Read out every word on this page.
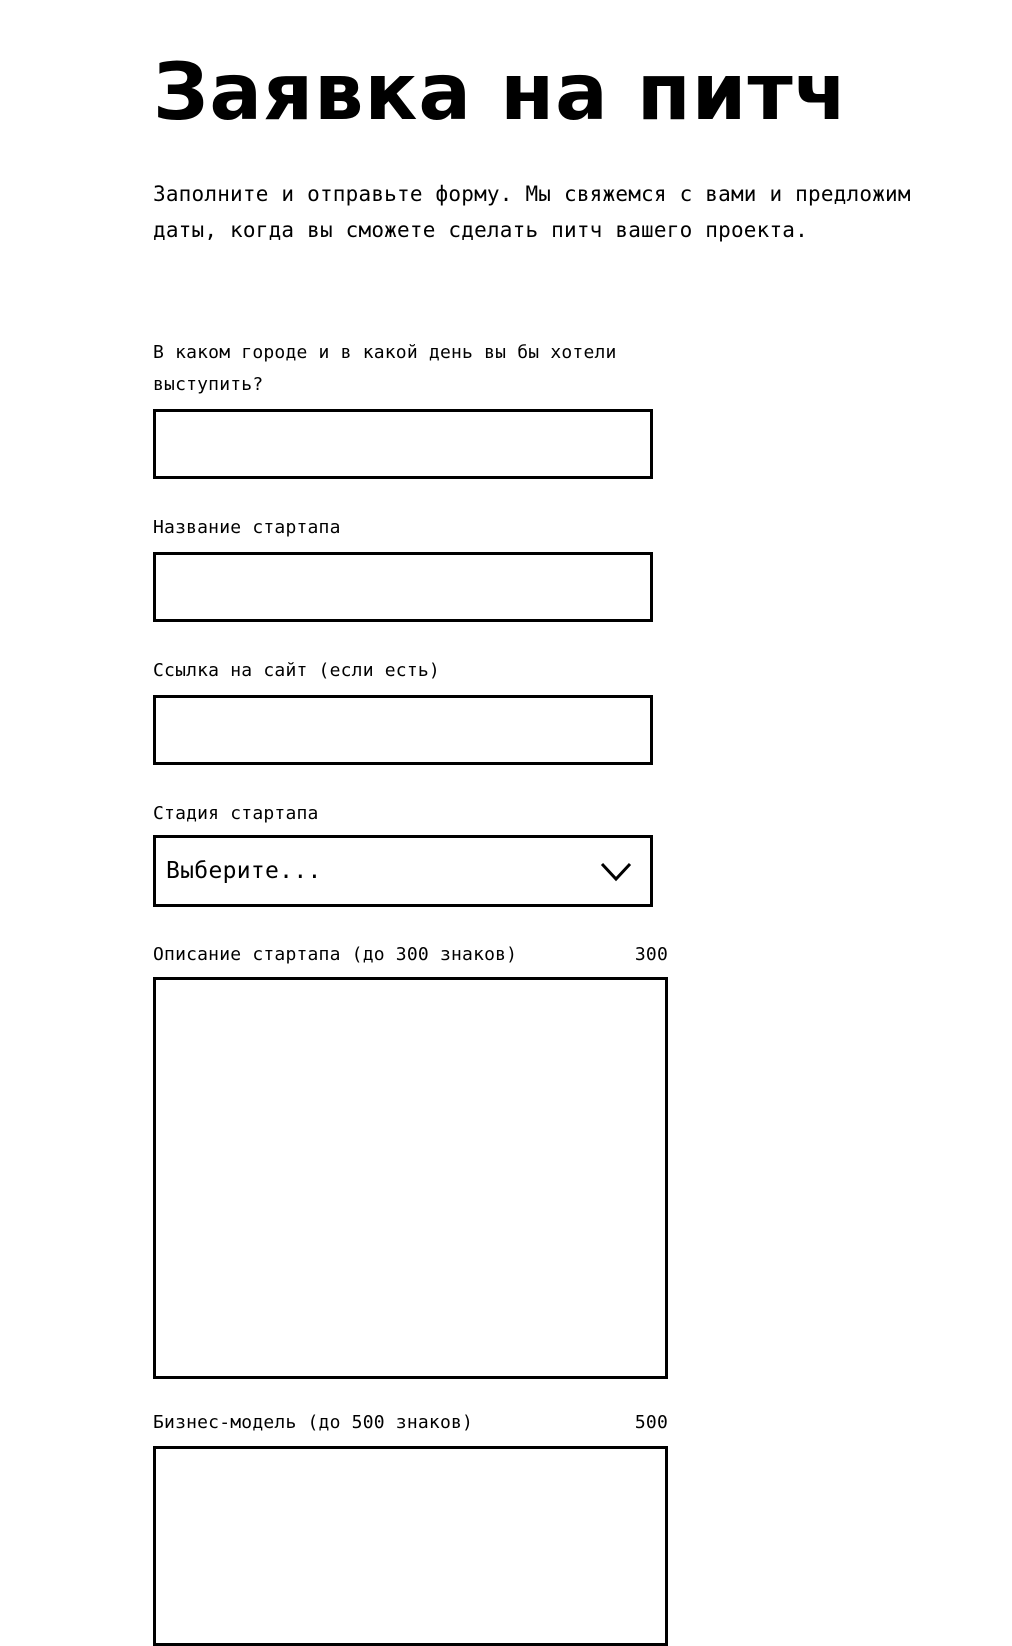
Заявка на питч

Заполните и отправьте форму. Мы свяжемся с вами и предложим даты, когда вы сможете сделать питч вашего проекта.

В каком городе и в какой день вы бы хотели выступить?
Название стартапа
Ссылка на сайт (если есть)
Стадия стартапа
Выберите...
Описание стартапа (до 300 знаков)	300
Бизнес-модель (до 500 знаков)	500
